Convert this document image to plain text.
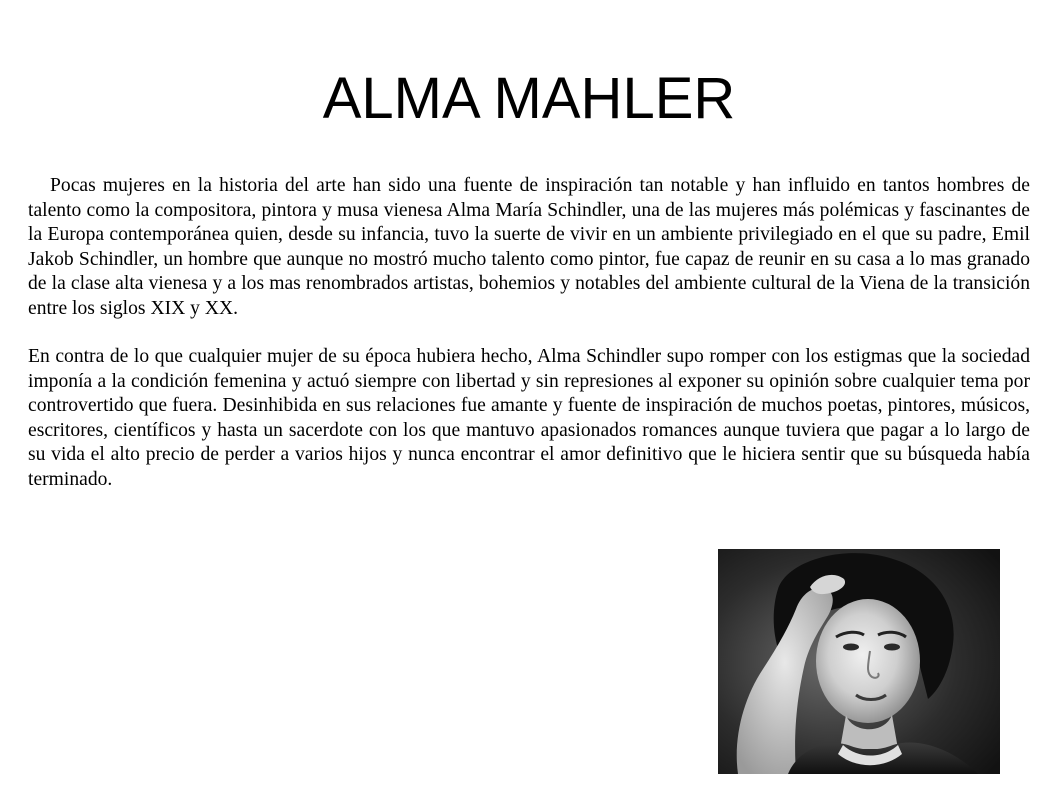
ALMA MAHLER

Pocas mujeres en la historia del arte han sido una fuente de inspiración tan notable y han influido en tantos hombres de talento como la compositora, pintora y musa vienesa Alma María Schindler, una de las mujeres más polémicas y fascinantes de la Europa contemporánea quien, desde su infancia, tuvo la suerte de vivir en un ambiente privilegiado en el que su padre, Emil Jakob Schindler, un hombre que aunque no mostró mucho talento como pintor, fue capaz de reunir en su casa a lo mas granado de la clase alta vienesa y a los mas renombrados artistas, bohemios y notables del ambiente cultural de la Viena de la transición entre los siglos XIX y XX.

En contra de lo que cualquier mujer de su época hubiera hecho, Alma Schindler supo romper con los estigmas que la sociedad imponía a la condición femenina y actuó siempre con libertad y sin represiones al exponer su opinión sobre cualquier tema por controvertido que fuera. Desinhibida en sus relaciones fue amante y fuente de inspiración de muchos poetas, pintores, músicos, escritores, científicos y hasta un sacerdote con los que mantuvo apasionados romances aunque tuviera que pagar a lo largo de su vida el alto precio de perder a varios hijos y nunca encontrar el amor definitivo que le hiciera sentir que su búsqueda había terminado.
